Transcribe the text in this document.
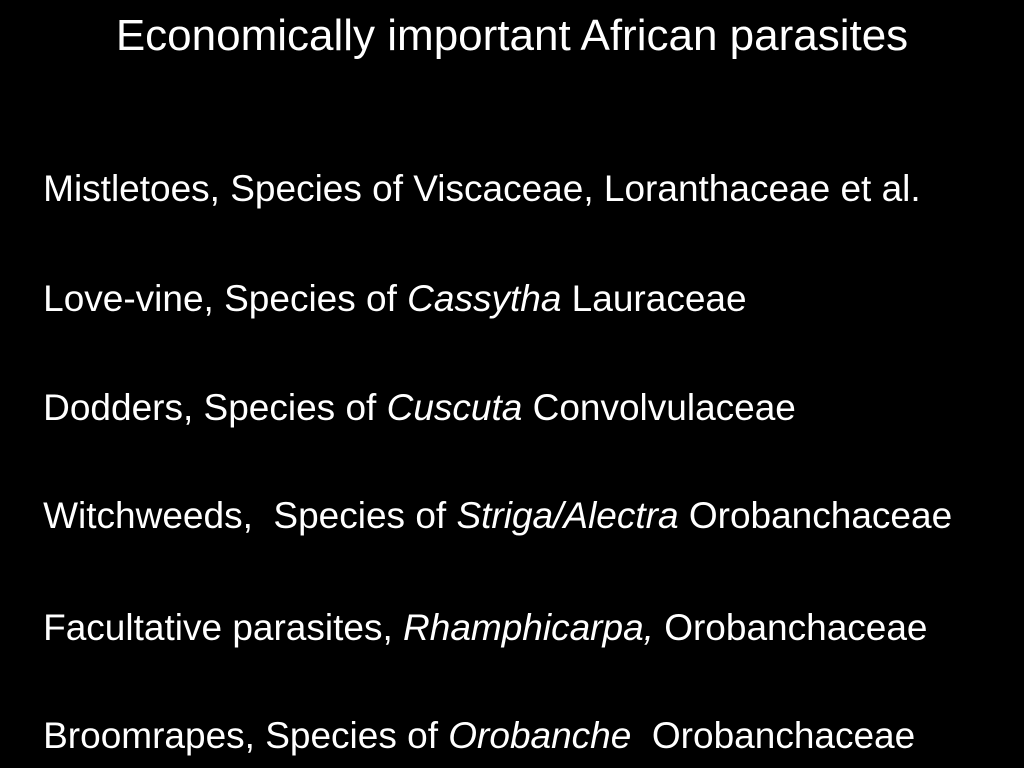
Economically important African parasites

Mistletoes, Species of Viscaceae, Loranthaceae et al.

Love-vine, Species of Cassytha Lauraceae

Dodders, Species of Cuscuta Convolvulaceae

Witchweeds,  Species of Striga/Alectra Orobanchaceae

Facultative parasites, Rhamphicarpa, Orobanchaceae

Broomrapes, Species of Orobanche  Orobanchaceae
